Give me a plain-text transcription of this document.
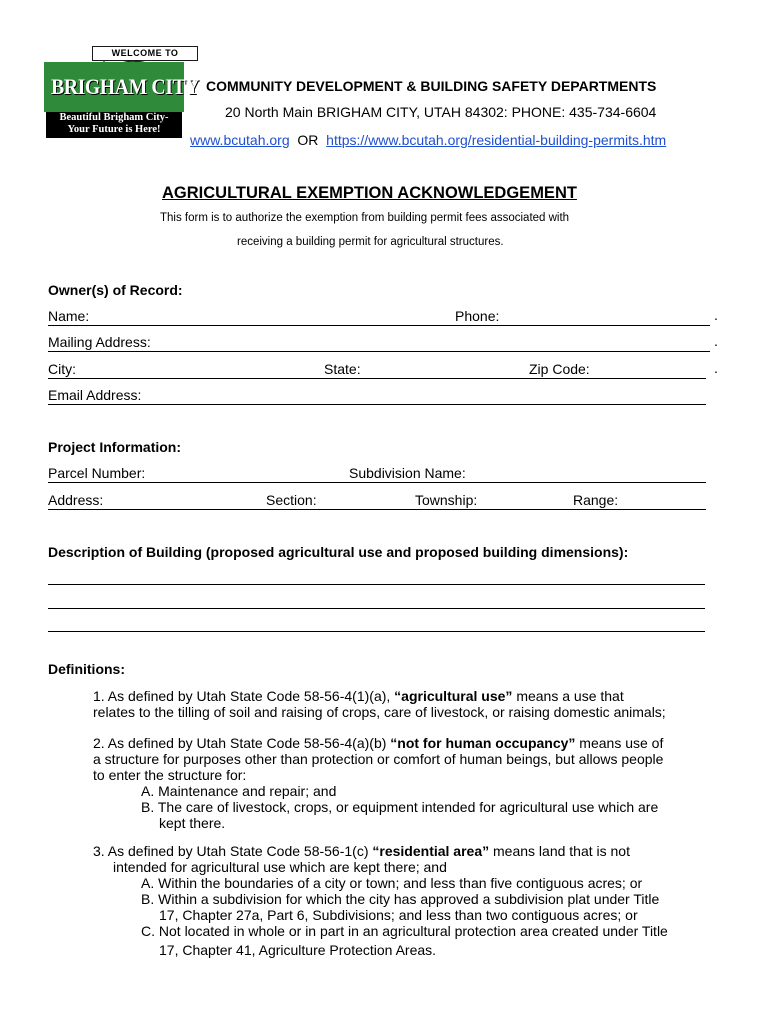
WELCOME TO
BRIGHAM CITY
Beautiful Brigham City-
Your Future is Here!
COMMUNITY DEVELOPMENT & BUILDING SAFETY DEPARTMENTS
20 North Main BRIGHAM CITY, UTAH 84302: PHONE: 435-734-6604
www.bcutah.org OR https://www.bcutah.org/residential-building-permits.htm
AGRICULTURAL EXEMPTION ACKNOWLEDGEMENT
This form is to authorize the exemption from building permit fees associated with
receiving a building permit for agricultural structures.
Owner(s) of Record:
Name:	Phone:	.
Mailing Address:	.
City:	State:	Zip Code:	.
Email Address:
Project Information:
Parcel Number:	Subdivision Name:
Address:	Section:	Township:	Range:
Description of Building (proposed agricultural use and proposed building dimensions):
Definitions:
1. As defined by Utah State Code 58-56-4(1)(a), “agricultural use” means a use that
relates to the tilling of soil and raising of crops, care of livestock, or raising domestic animals;
2. As defined by Utah State Code 58-56-4(a)(b) “not for human occupancy” means use of
a structure for purposes other than protection or comfort of human beings, but allows people
to enter the structure for:
A. Maintenance and repair; and
B. The care of livestock, crops, or equipment intended for agricultural use which are
kept there.
3. As defined by Utah State Code 58-56-1(c) “residential area” means land that is not
intended for agricultural use which are kept there; and
A. Within the boundaries of a city or town; and less than five contiguous acres; or
B. Within a subdivision for which the city has approved a subdivision plat under Title
17, Chapter 27a, Part 6, Subdivisions; and less than two contiguous acres; or
C. Not located in whole or in part in an agricultural protection area created under Title
17, Chapter 41, Agriculture Protection Areas.
